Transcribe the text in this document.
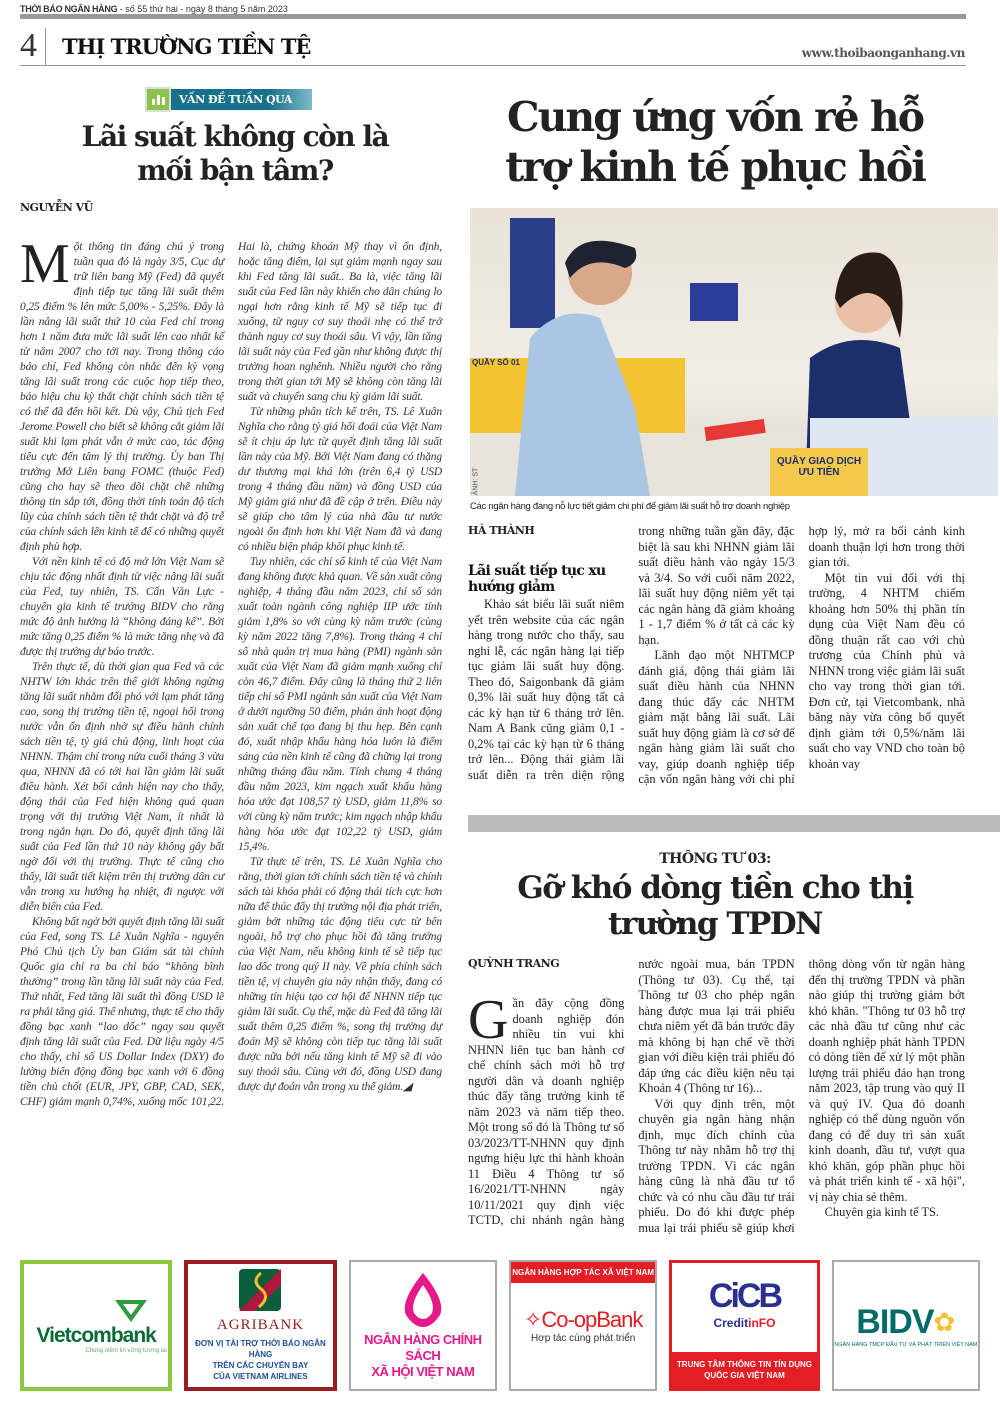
THỜI BÁO NGÂN HÀNG - số 55 thứ hai - ngày 8 tháng 5 năm 2023
4	THỊ TRƯỜNG TIỀN TỆ	www.thoibaonganhang.vn
VẤN ĐỀ TUẦN QUA
Lãi suất không còn là mối bận tâm?
NGUYỄN VŨ

Một thông tin đáng chú ý trong tuần qua đó là ngày 3/5, Cục dự trữ liên bang Mỹ (Fed) đã quyết định tiếp tục tăng lãi suất thêm 0,25 điểm % lên mức 5,00% - 5,25%. Đây là lần nâng lãi suất thứ 10 của Fed chỉ trong hơn 1 năm đưa mức lãi suất lên cao nhất kể từ năm 2007 cho tới nay. Trong thông cáo báo chí, Fed không còn nhắc đến kỳ vọng tăng lãi suất trong các cuộc họp tiếp theo, báo hiệu chu kỳ thắt chặt chính sách tiền tệ có thể đã đến hồi kết. Dù vậy, Chủ tịch Fed Jerome Powell cho biết sẽ không cắt giảm lãi suất khi lạm phát vẫn ở mức cao, tác động tiêu cực đến tâm lý thị trường. Ủy ban Thị trường Mở Liên bang FOMC (thuộc Fed) cũng cho hay sẽ theo dõi chặt chẽ những thông tin sắp tới, đồng thời tính toán độ tích lũy của chính sách tiền tệ thắt chặt và độ trễ của chính sách lên kinh tế để có những quyết định phù hợp.

Với nền kinh tế có độ mở lớn Việt Nam sẽ chịu tác động nhất định từ việc nâng lãi suất của Fed, tuy nhiên, TS. Cấn Văn Lực - chuyên gia kinh tế trưởng BIDV cho rằng mức độ ảnh hưởng là “không đáng kể”. Bởi mức tăng 0,25 điểm % là mức tăng nhẹ và đã được thị trường dự báo trước.

Trên thực tế, dù thời gian qua Fed và các NHTW lớn khác trên thế giới không ngừng tăng lãi suất nhằm đối phó với lạm phát tăng cao, song thị trường tiền tệ, ngoại hối trong nước vẫn ổn định nhờ sự điều hành chính sách tiền tệ, tỷ giá chủ động, linh hoạt của NHNN. Thậm chí trong nửa cuối tháng 3 vừa qua, NHNN đã có tới hai lần giảm lãi suất điều hành. Xét bối cảnh hiện nay cho thấy, động thái của Fed hiện không quá quan trọng với thị trường Việt Nam, ít nhất là trong ngắn hạn. Do đó, quyết định tăng lãi suất của Fed lần thứ 10 này không gây bất ngờ đối với thị trường. Thực tế cũng cho thấy, lãi suất tiết kiệm trên thị trường dân cư vẫn trong xu hướng hạ nhiệt, đi ngược với diễn biến của Fed.

Không bất ngờ bởi quyết định tăng lãi suất của Fed, song TS. Lê Xuân Nghĩa - nguyên Phó Chủ tịch Ủy ban Giám sát tài chính Quốc gia chỉ ra ba chỉ báo “không bình thường” trong lần tăng lãi suất này của Fed. Thứ nhất, Fed tăng lãi suất thì đồng USD lẽ ra phải tăng giá. Thế nhưng, thực tế cho thấy đồng bạc xanh “lao dốc” ngay sau quyết định tăng lãi suất của Fed. Dữ liệu ngày 4/5 cho thấy, chỉ số US Dollar Index (DXY) đo lường biến động đồng bạc xanh với 6 đồng tiền chủ chốt (EUR, JPY, GBP, CAD, SEK, CHF) giảm mạnh 0,74%, xuống mốc 101,22. Hai là, chứng khoán Mỹ thay vì ổn định, hoặc tăng điểm, lại sụt giảm mạnh ngay sau khi Fed tăng lãi suất.. Ba là, việc tăng lãi suất của Fed lần này khiến cho dân chúng lo ngại hơn rằng kinh tế Mỹ sẽ tiếp tục đi xuống, từ nguy cơ suy thoái nhẹ có thể trở thành nguy cơ suy thoái sâu. Vì vậy, lần tăng lãi suất này của Fed gần như không được thị trường hoan nghênh. Nhiều người cho rằng trong thời gian tới Mỹ sẽ không còn tăng lãi suất và chuyển sang chu kỳ giảm lãi suất.

Từ những phân tích kể trên, TS. Lê Xuân Nghĩa cho rằng tỷ giá hối đoái của Việt Nam sẽ ít chịu áp lực từ quyết định tăng lãi suất lần này của Mỹ. Bởi Việt Nam đang có thặng dư thương mại khá lớn (trên 6,4 tỷ USD trong 4 tháng đầu năm) và đồng USD của Mỹ giảm giá như đã đề cập ở trên. Điều này sẽ giúp cho tâm lý của nhà đầu tư nước ngoài ổn định hơn khi Việt Nam đã và đang có nhiều biện pháp khôi phục kinh tế.

Tuy nhiên, các chỉ số kinh tế của Việt Nam đang không được khả quan. Về sản xuất công nghiệp, 4 tháng đầu năm 2023, chỉ số sản xuất toàn ngành công nghiệp IIP ước tính giảm 1,8% so với cùng kỳ năm trước (cùng kỳ năm 2022 tăng 7,8%). Trong tháng 4 chỉ số nhà quản trị mua hàng (PMI) ngành sản xuất của Việt Nam đã giảm mạnh xuống chỉ còn 46,7 điểm. Đây cũng là tháng thứ 2 liên tiếp chỉ số PMI ngành sản xuất của Việt Nam ở dưới ngưỡng 50 điểm, phản ánh hoạt động sản xuất chế tạo đang bị thu hẹp. Bên cạnh đó, xuất nhập khẩu hàng hóa luôn là điểm sáng của nền kinh tế cũng đã chững lại trong những tháng đầu năm. Tính chung 4 tháng đầu năm 2023, kim ngạch xuất khẩu hàng hóa ước đạt 108,57 tỷ USD, giảm 11,8% so với cùng kỳ năm trước; kim ngạch nhập khẩu hàng hóa ước đạt 102,22 tỷ USD, giảm 15,4%.

Từ thực tế trên, TS. Lê Xuân Nghĩa cho rằng, thời gian tới chính sách tiền tệ và chính sách tài khóa phải có động thái tích cực hơn nữa để thúc đẩy thị trường nội địa phát triển, giảm bớt những tác động tiêu cực từ bên ngoài, hỗ trợ cho phục hồi đà tăng trưởng của Việt Nam, nếu không kinh tế sẽ tiếp tục lao dốc trong quý II này. Về phía chính sách tiền tệ, vị chuyên gia này nhận thấy, đang có những tín hiệu tạo cơ hội để NHNN tiếp tục giảm lãi suất. Cụ thể, mặc dù Fed đã tăng lãi suất thêm 0,25 điểm %, song thị trường dự đoán Mỹ sẽ không còn tiếp tục tăng lãi suất được nữa bởi nếu tăng kinh tế Mỹ sẽ đi vào suy thoái sâu. Cùng với đó, đồng USD đang được dự đoán vẫn trong xu thế giảm.◢

Cung ứng vốn rẻ hỗ trợ kinh tế phục hồi
QUẦY SỐ 01
QUẦY GIAO DỊCH ƯU TIÊN
ẢNH: ST
Các ngân hàng đang nỗ lực tiết giảm chi phí để giảm lãi suất hỗ trợ doanh nghiệp
HÀ THÀNH
Lãi suất tiếp tục xu hướng giảm

Khảo sát biểu lãi suất niêm yết trên website của các ngân hàng trong nước cho thấy, sau nghỉ lễ, các ngân hàng lại tiếp tục giảm lãi suất huy động. Theo đó, Saigonbank đã giảm 0,3% lãi suất huy động tất cả các kỳ hạn từ 6 tháng trở lên. Nam A Bank cũng giảm 0,1 - 0,2% tại các kỳ hạn từ 6 tháng trở lên... Động thái giảm lãi suất diễn ra trên diện rộng trong những tuần gần đây, đặc biệt là sau khi NHNN giảm lãi suất điều hành vào ngày 15/3 và 3/4. So với cuối năm 2022, lãi suất huy động niêm yết tại các ngân hàng đã giảm khoảng 1 - 1,7 điểm % ở tất cả các kỳ hạn.

Lãnh đạo một NHTMCP đánh giá, động thái giảm lãi suất điều hành của NHNN đang thúc đẩy các NHTM giảm mặt bằng lãi suất. Lãi suất huy động giảm là cơ sở để ngân hàng giảm lãi suất cho vay, giúp doanh nghiệp tiếp cận vốn ngân hàng với chi phí hợp lý, mở ra bối cảnh kinh doanh thuận lợi hơn trong thời gian tới.

Một tin vui đối với thị trường, 4 NHTM chiếm khoảng hơn 50% thị phần tín dụng của Việt Nam đều có đồng thuận rất cao với chủ trương của Chính phủ và NHNN trong việc giảm lãi suất cho vay trong thời gian tới. Đơn cử, tại Vietcombank, nhà băng này vừa công bố quyết định giảm tới 0,5%/năm lãi suất cho vay VND cho toàn bộ khoản vay

THÔNG TƯ 03:
Gỡ khó dòng tiền cho thị trường TPDN
QUỲNH TRANG

Gần đây cộng đồng doanh nghiệp đón nhiều tin vui khi NHNN liên tục ban hành cơ chế chính sách mới hỗ trợ người dân và doanh nghiệp thúc đẩy tăng trưởng kinh tế năm 2023 và năm tiếp theo. Một trong số đó là Thông tư số 03/2023/TT-NHNN quy định ngưng hiệu lực thi hành khoản 11 Điều 4 Thông tư số 16/2021/TT-NHNN ngày 10/11/2021 quy định việc TCTD, chi nhánh ngân hàng nước ngoài mua, bán TPDN (Thông tư 03). Cụ thể, tại Thông tư 03 cho phép ngân hàng được mua lại trái phiếu chưa niêm yết đã bán trước đây mà không bị hạn chế về thời gian với điều kiện trái phiếu đó đáp ứng các điều kiện nêu tại Khoản 4 (Thông tư 16)...

Với quy định trên, một chuyên gia ngân hàng nhận định, mục đích chính của Thông tư này nhằm hỗ trợ thị trường TPDN. Vì các ngân hàng cũng là nhà đầu tư tổ chức và có nhu cầu đầu tư trái phiếu. Do đó khi được phép mua lại trái phiếu sẽ giúp khơi thông dòng vốn từ ngân hàng đến thị trường TPDN và phần nào giúp thị trường giảm bớt khó khăn. "Thông tư 03 hỗ trợ các nhà đầu tư cũng như các doanh nghiệp phát hành TPDN có dòng tiền để xử lý một phần lượng trái phiếu đáo hạn trong năm 2023, tập trung vào quý II và quý IV. Qua đó doanh nghiệp có thể dùng nguồn vốn đang có để duy trì sản xuất kinh doanh, đầu tư, vượt qua khó khăn, góp phần phục hồi và phát triển kinh tế - xã hội", vị này chia sẻ thêm.

Chuyên gia kinh tế TS.

Vietcombank
Chung niềm tin vững tương lai
AGRIBANK
ĐƠN VỊ TÀI TRỢ THỜI BÁO NGÂN HÀNG
TRÊN CÁC CHUYẾN BAY
CỦA VIETNAM AIRLINES
VBSP
NGÂN HÀNG CHÍNH SÁCH
XÃ HỘI VIỆT NAM
NGÂN HÀNG HỢP TÁC XÃ VIỆT NAM
✧Co-opBank
Hợp tác cùng phát triển
CiCB
CreditinFO
TRUNG TÂM THÔNG TIN TÍN DỤNG
QUỐC GIA VIỆT NAM
BIDV ✿
NGÂN HÀNG TMCP ĐẦU TƯ VÀ PHÁT TRIỂN VIỆT NAM
